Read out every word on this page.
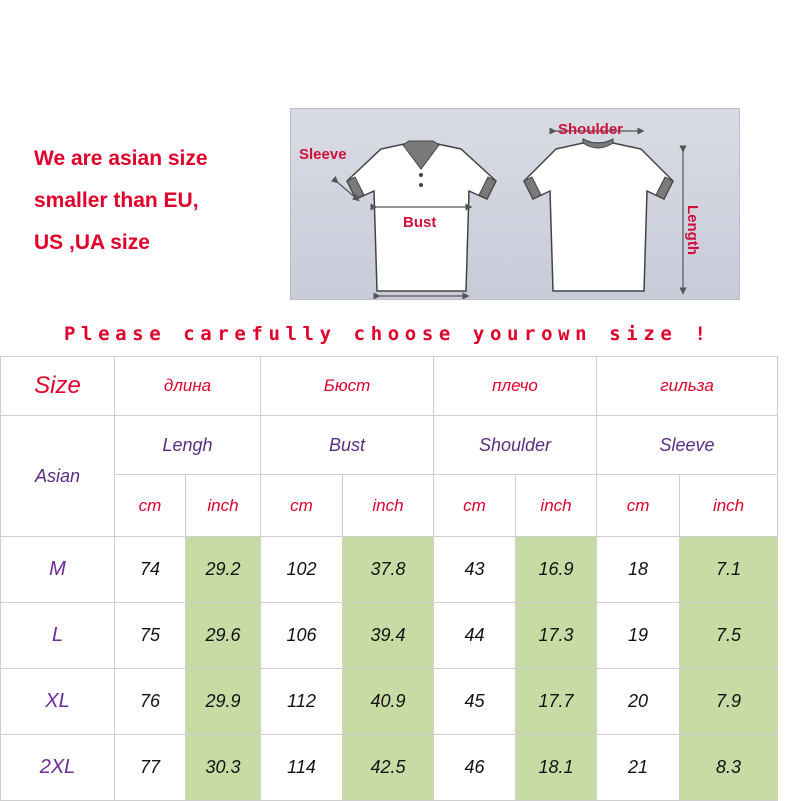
We are asian size
smaller than EU,
US ,UA size
Sleeve
Bust
Shoulder
Length
Please carefully choose yourown size !
Size	длина		Бюст		плечо		гильза	
Asian	Lengh		Bust		Shoulder		Sleeve	
	cm	inch	cm	inch	cm	inch	cm	inch
M	74	29.2	102	37.8	43	16.9	18	7.1
L	75	29.6	106	39.4	44	17.3	19	7.5
XL	76	29.9	112	40.9	45	17.7	20	7.9
2XL	77	30.3	114	42.5	46	18.1	21	8.3
